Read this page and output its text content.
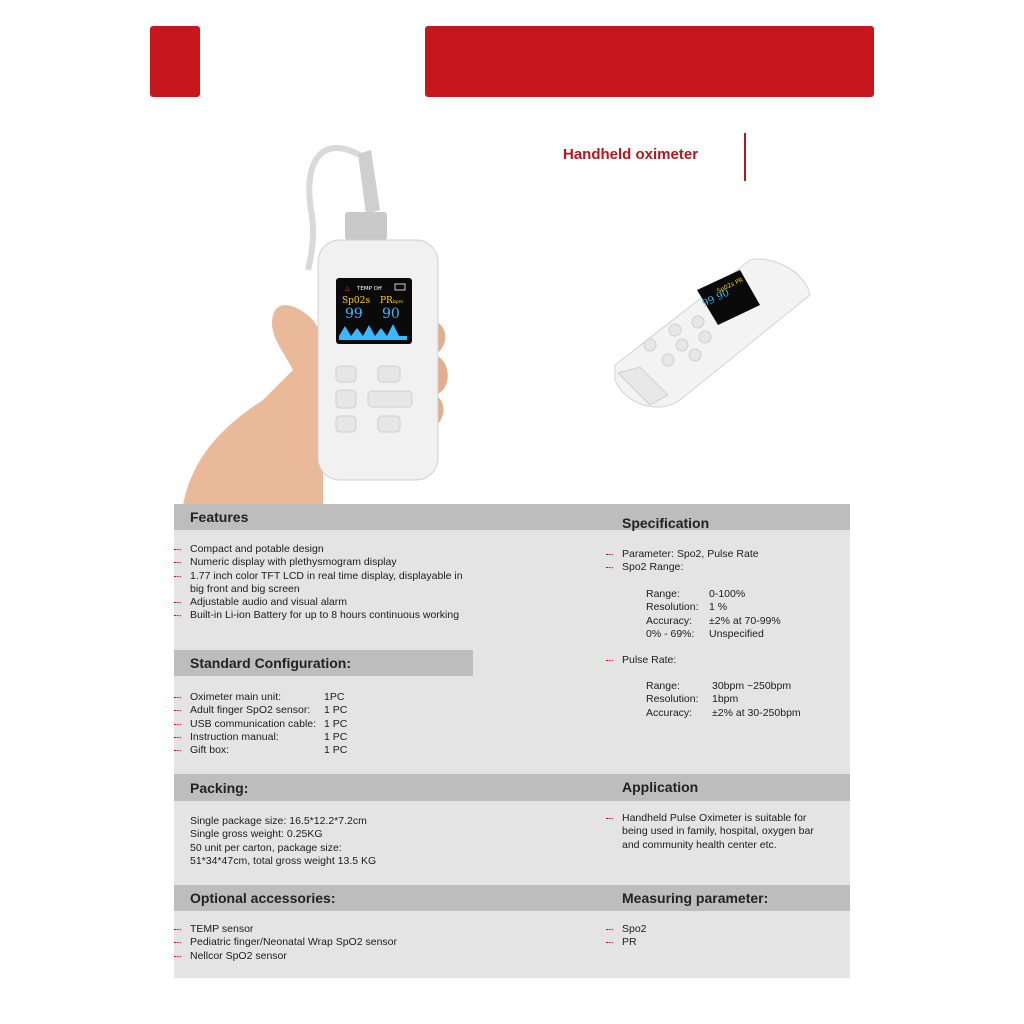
Handheld oximeter
△ TEMP Off
Sp02s PR bpm
99 90
Sp02s PR
99 90
Features	Specification
Standard Configuration:
Packing:	Application
Optional accessories:	Measuring parameter:
→ Compact and potable design
→ Numeric display with plethysmogram display
→ 1.77 inch color TFT LCD in real time display, displayable in
big front and big screen
→ Adjustable audio and visual alarm
→ Built-in Li-ion Battery for up to 8 hours continuous working
→ Oximeter main unit:	1PC
→ Adult finger SpO2 sensor: 1 PC
→ USB communication cable: 1 PC
→ Instruction manual:	1 PC
→ Gift box:	1 PC
→ Parameter: Spo2, Pulse Rate
→ Spo2 Range:
Range:	0-100%
Resolution: 1 %
Accuracy:	±2% at 70-99%
0% - 69%:	Unspecified
→ Pulse Rate:
Range:	30bpm ~250bpm
Resolution:	1bpm
Accuracy:	±2% at 30-250bpm
Single package size: 16.5*12.2*7.2cm
Single gross weight: 0.25KG
50 unit per carton, package size:
51*34*47cm, total gross weight 13.5 KG
→ Handheld Pulse Oximeter is suitable for
being used in family, hospital, oxygen bar
and community health center etc.
→ TEMP sensor
→ Pediatric finger/Neonatal Wrap SpO2 sensor
→ Nellcor SpO2 sensor
→ Spo2
→ PR
